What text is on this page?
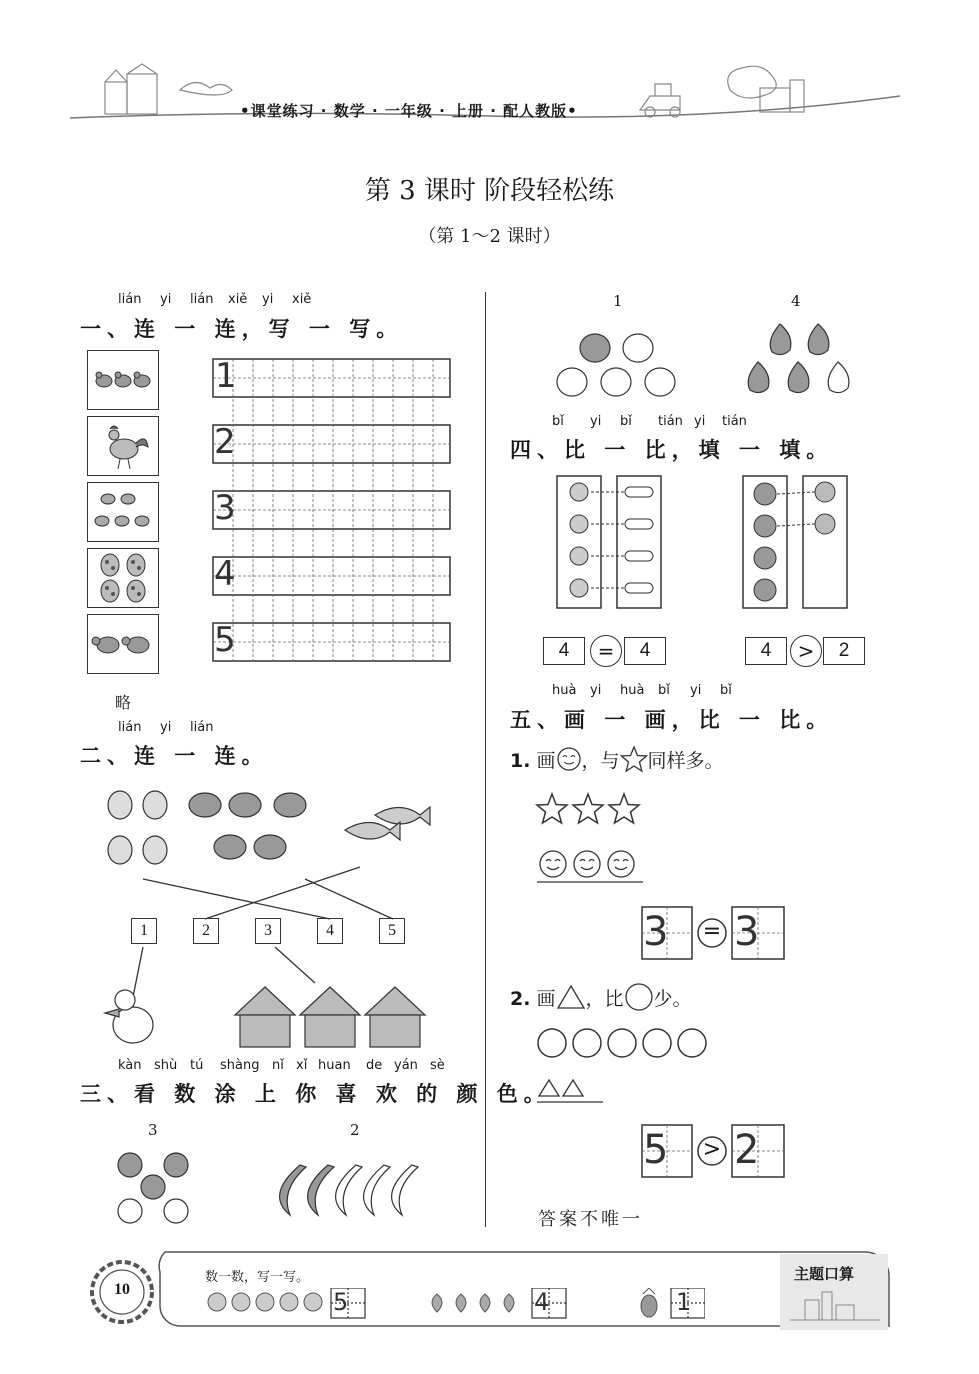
•课堂练习 · 数学 · 一年级 · 上册 · 配人教版•
第 3 课时 阶段轻松练
（第 1～2 课时）
lián yi lián xiě yi xiě
一、连 一 连，写 一 写。
1
2
3
4
5
略
lián yi lián
二、连 一 连。
1	2	3	4	5
kàn shù tú shàng nǐ xǐ huan de yán sè
三、看 数 涂 上 你 喜 欢 的 颜 色。
3	2
1	4
bǐ yi bǐ tián yi tián
四、比 一 比，填 一 填。
4	=	4	4	>	2
huà yi huà bǐ yi bǐ
五、画 一 画，比 一 比。
1. 画 ，与 同样多。
3 = 3
2. 画 ，比 少。
5 > 2
答案不唯一
10
数一数，写一写。	主题口算
5	4	1
